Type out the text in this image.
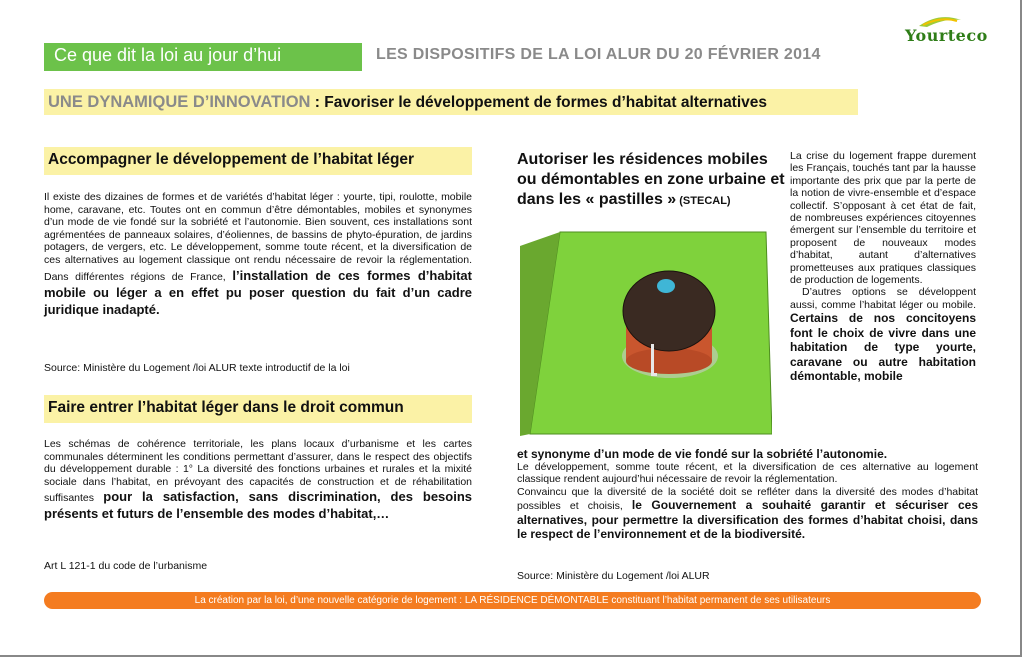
Yourteco
Ce que dit la loi au jour d’hui	LES DISPOSITIFS DE LA LOI ALUR DU 20 FÉVRIER 2014
UNE DYNAMIQUE D’INNOVATION : Favoriser le développement de formes d’habitat alternatives
Accompagner le développement de l’habitat léger
Il existe des dizaines de formes et de variétés d’habitat léger : yourte, tipi, roulotte, mobile home, caravane, etc. Toutes ont en commun d’être démontables, mobiles et synonymes d’un mode de vie fondé sur la sobriété et l’autonomie. Bien souvent, ces installations sont agrémentées de panneaux solaires, d’éoliennes, de bassins de phyto-épuration, de jardins potagers, de vergers, etc. Le développement, somme toute récent, et la diversification de ces alternatives au logement classique ont rendu nécessaire de revoir la réglementation. Dans différentes régions de France, l’installation de ces formes d’habitat mobile ou léger a en effet pu poser question du fait d’un cadre juridique inadapté.
Source: Ministère du Logement /loi ALUR texte introductif de la loi
Faire entrer l’habitat léger dans le droit commun
Les schémas de cohérence territoriale, les plans locaux d’urbanisme et les cartes communales déterminent les conditions permettant d’assurer, dans le respect des objectifs du développement durable : 1° La diversité des fonctions urbaines et rurales et la mixité sociale dans l’habitat, en prévoyant des capacités de construction et de réhabilitation suffisantes pour la satisfaction, sans discrimination, des besoins présents et futurs de l’ensemble des modes d’habitat,…
Art L 121-1 du code de l’urbanisme
Autoriser les résidences mobiles ou démontables en zone urbaine et dans les « pastilles » (STECAL)
La crise du logement frappe durement les Français, touchés tant par la hausse importante des prix que par la perte de la notion de vivre-ensemble et d’espace collectif. S’opposant à cet état de fait, de nombreuses expériences citoyennes émergent sur l’ensemble du territoire et proposent de nouveaux modes d’habitat, autant d’alternatives prometteuses aux pratiques classiques de production de logements.
D’autres options se développent aussi, comme l’habitat léger ou mobile. Certains de nos concitoyens font le choix de vivre dans une habitation de type yourte, caravane ou autre habitation démontable, mobile
et synonyme d’un mode de vie fondé sur la sobriété l’autonomie.
Le développement, somme toute récent, et la diversification de ces alternative au logement classique rendent aujourd’hui nécessaire de revoir la réglementation.
Convaincu que la diversité de la société doit se refléter dans la diversité des modes d’habitat possibles et choisis, le Gouvernement a souhaité garantir et sécuriser ces alternatives, pour permettre la diversification des formes d’habitat choisi, dans le respect de l’environnement et de la biodiversité.
Source: Ministère du Logement /loi ALUR
La création par la loi, d’une nouvelle catégorie de logement : LA RÉSIDENCE DÉMONTABLE constituant l’habitat permanent de ses utilisateurs
